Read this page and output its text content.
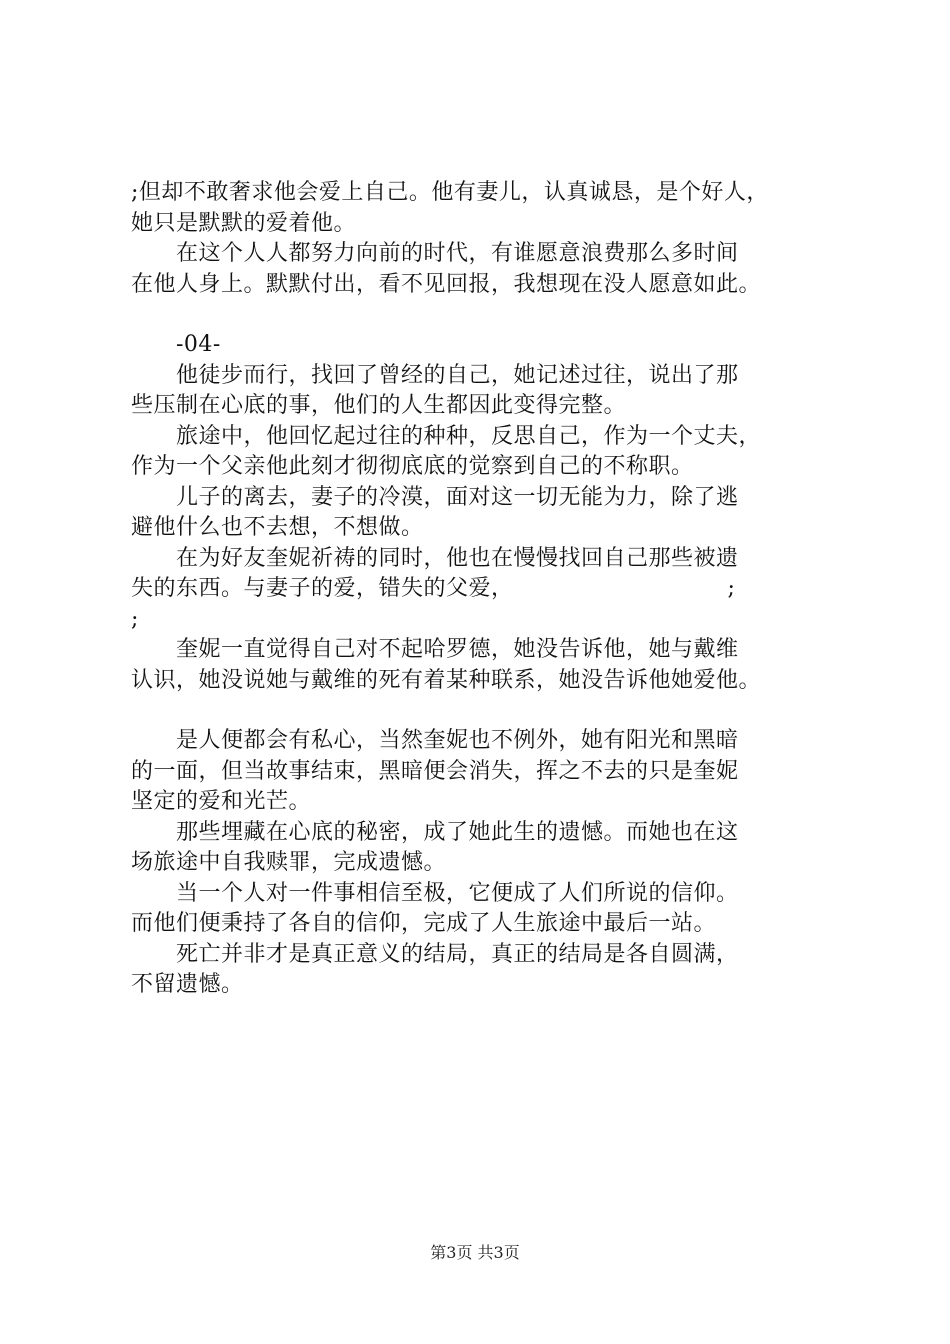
;但却不敢奢求他会爱上自己。他有妻儿，认真诚恳，是个好人，

她只是默默的爱着他。

　　在这个人人都努力向前的时代，有谁愿意浪费那么多时间

在他人身上。默默付出，看不见回报，我想现在没人愿意如此。

　　-04-

　　他徒步而行，找回了曾经的自己，她记述过往，说出了那

些压制在心底的事，他们的人生都因此变得完整。

　　旅途中，他回忆起过往的种种，反思自己，作为一个丈夫，

作为一个父亲他此刻才彻彻底底的觉察到自己的不称职。

　　儿子的离去，妻子的冷漠，面对这一切无能为力，除了逃

避他什么也不去想，不想做。

　　在为好友奎妮祈祷的同时，他也在慢慢找回自己那些被遗

失的东西。与妻子的爱，错失的父爱，　　　　　　　　　　;

;

　　奎妮一直觉得自己对不起哈罗德，她没告诉他，她与戴维

认识，她没说她与戴维的死有着某种联系，她没告诉他她爱他。

　　是人便都会有私心，当然奎妮也不例外，她有阳光和黑暗

的一面，但当故事结束，黑暗便会消失，挥之不去的只是奎妮

坚定的爱和光芒。

　　那些埋藏在心底的秘密，成了她此生的遗憾。而她也在这

场旅途中自我赎罪，完成遗憾。

　　当一个人对一件事相信至极，它便成了人们所说的信仰。

而他们便秉持了各自的信仰，完成了人生旅途中最后一站。

　　死亡并非才是真正意义的结局，真正的结局是各自圆满，

不留遗憾。

第3页 共3页
